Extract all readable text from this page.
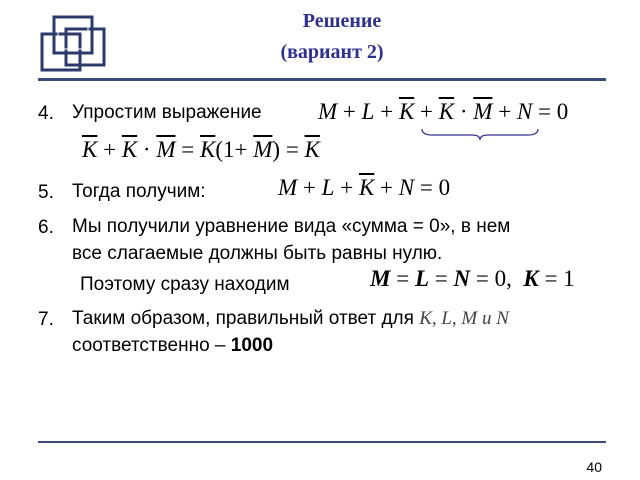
Решение
(вариант 2)
4. Упростим выражение $M + L + \overline{K} + \overline{K} \cdot \overline{M} + N = 0$
$\overline{K} + \overline{K} \cdot \overline{M} = \overline{K}(1+ \overline{M}) = \overline{K}$
5. Тогда получим:	$M + L + \overline{K} + N = 0$
6. Мы получили уравнение вида «сумма = 0», в нем
все слагаемые должны быть равны нулю.
Поэтому сразу находим	M = L = N = 0,  K = 1
7. Таким образом, правильный ответ для K, L, M и N
соответственно – 1000
40
